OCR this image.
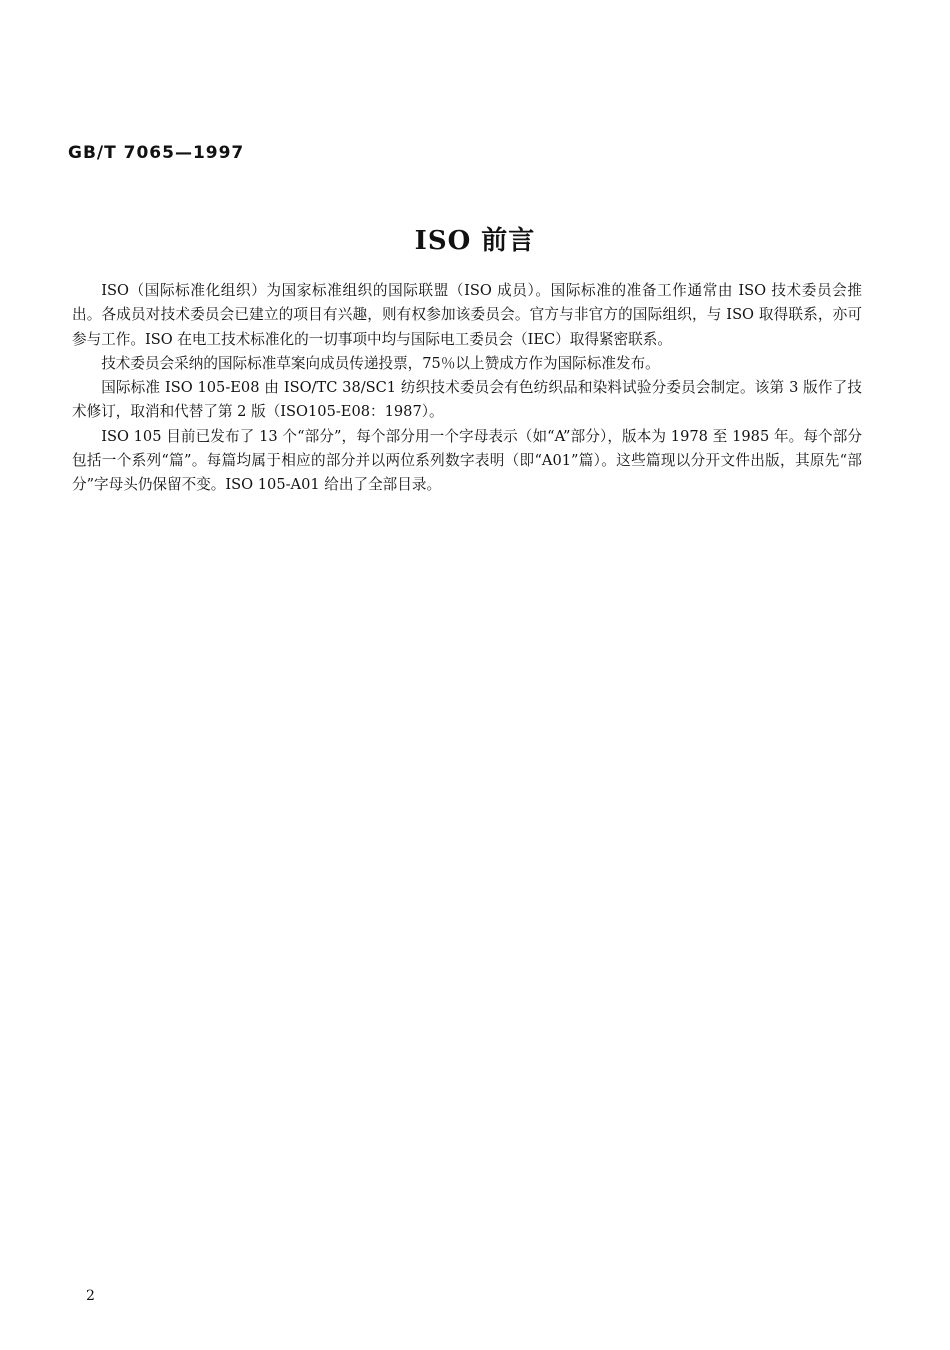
GB/T 7065—1997
ISO 前言

ISO（国际标准化组织）为国家标准组织的国际联盟（ISO 成员）。国际标准的准备工作通常由 ISO 技术委员会推出。各成员对技术委员会已建立的项目有兴趣，则有权参加该委员会。官方与非官方的国际组织，与 ISO 取得联系，亦可参与工作。ISO 在电工技术标准化的一切事项中均与国际电工委员会（IEC）取得紧密联系。

技术委员会采纳的国际标准草案向成员传递投票，75％以上赞成方作为国际标准发布。

国际标准 ISO 105-E08 由 ISO/TC 38/SC1 纺织技术委员会有色纺织品和染料试验分委员会制定。该第 3 版作了技术修订，取消和代替了第 2 版（ISO105-E08：1987）。

ISO 105 目前已发布了 13 个“部分”，每个部分用一个字母表示（如“A”部分），版本为 1978 至 1985 年。每个部分包括一个系列“篇”。每篇均属于相应的部分并以两位系列数字表明（即“A01”篇）。这些篇现以分开文件出版，其原先“部分”字母头仍保留不变。ISO 105-A01 给出了全部目录。

2
